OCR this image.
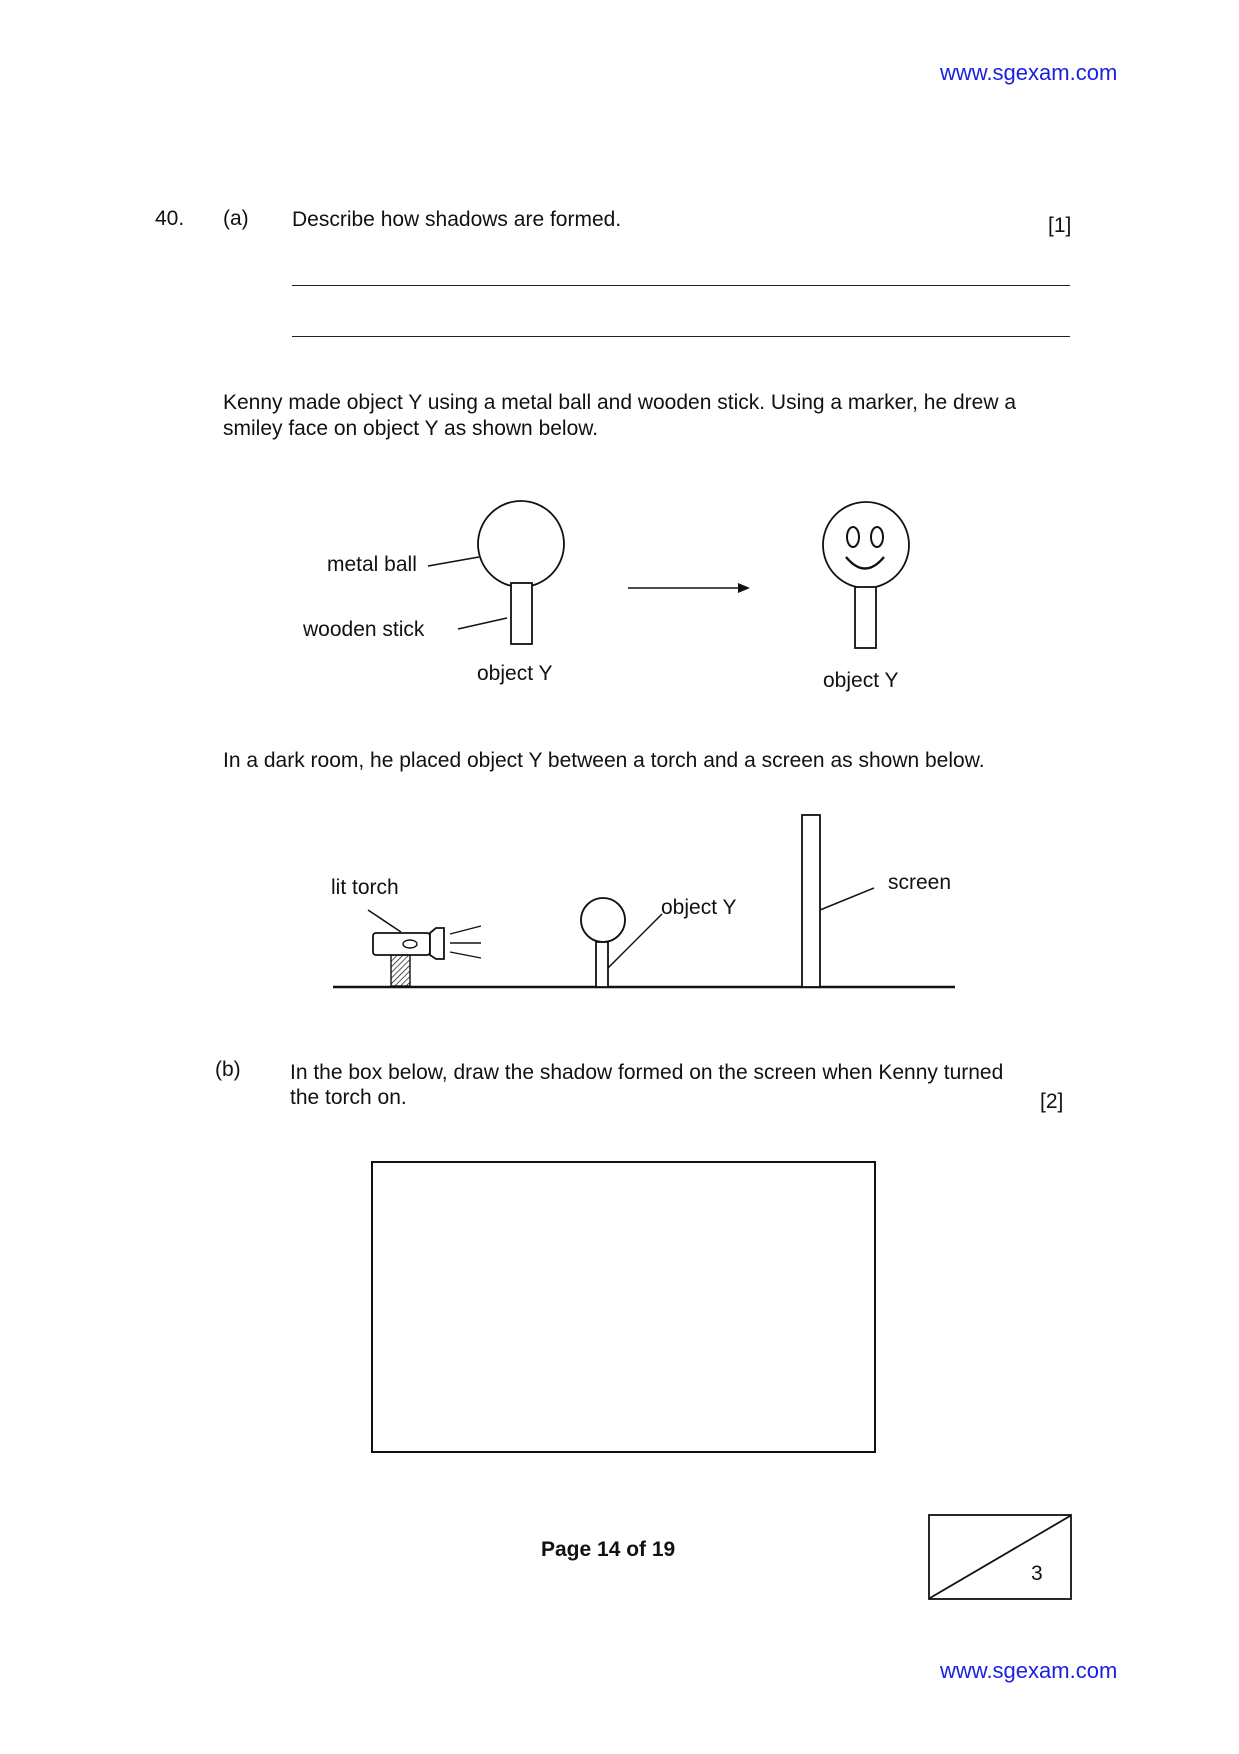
www.sgexam.com
40. (a) Describe how shadows are formed.	[1]
Kenny made object Y using a metal ball and wooden stick. Using a marker, he drew a
smiley face on object Y as shown below.
metal ball
wooden stick
object Y	object Y
In a dark room, he placed object Y between a torch and a screen as shown below.
lit torch
object Y
screen
(b) In the box below, draw the shadow formed on the screen when Kenny turned
the torch on.	[2]
Page 14 of 19
3
www.sgexam.com
